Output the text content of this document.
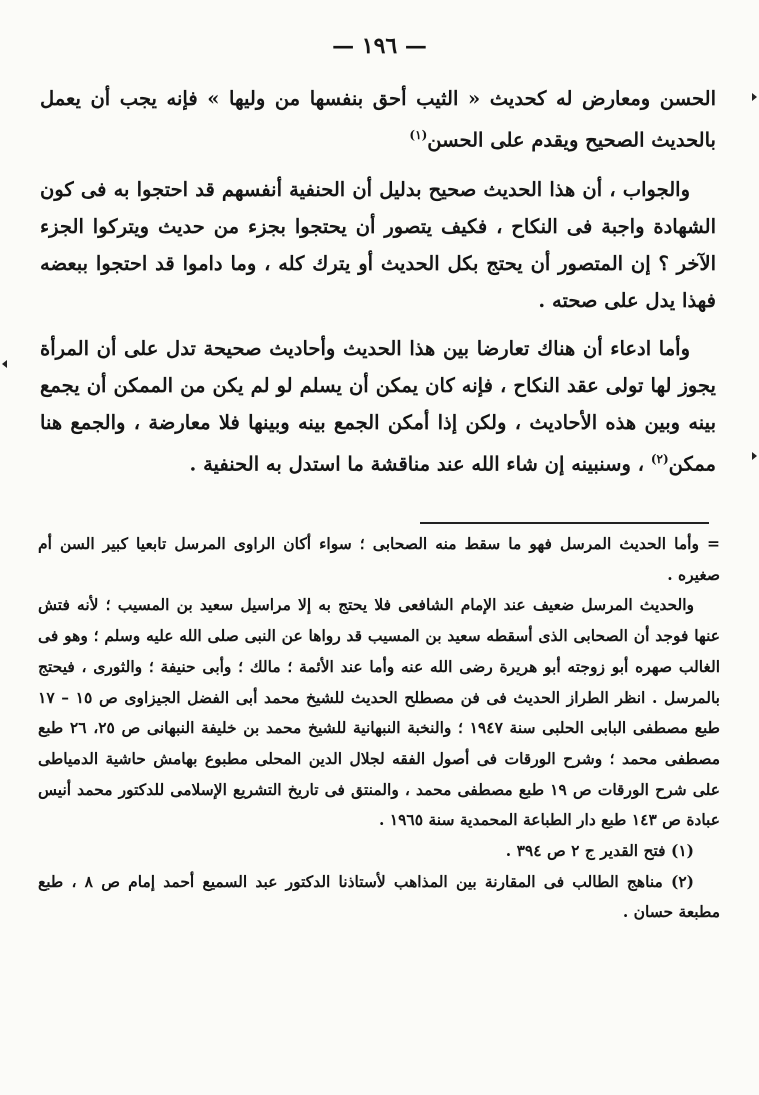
— ١٩٦ —
الحسن ومعارض له كحديث « الثيب أحق بنفسها من وليها » فإنه يجب أن يعمل بالحديث الصحيح ويقدم على الحسن$^{(١)}$
والجواب ، أن هذا الحديث صحيح بدليل أن الحنفية أنفسهم قد احتجوا به فى كون الشهادة واجبة فى النكاح ، فكيف يتصور أن يحتجوا بجزء من حديث ويتركوا الجزء الآخر ؟ إن المتصور أن يحتج بكل الحديث أو يترك كله ، وما داموا قد احتجوا ببعضه فهذا يدل على صحته .
وأما ادعاء أن هناك تعارضا بين هذا الحديث وأحاديث صحيحة تدل على أن المرأة يجوز لها تولى عقد النكاح ، فإنه كان يمكن أن يسلم لو لم يكن من الممكن أن يجمع بينه وبين هذه الأحاديث ، ولكن إذا أمكن الجمع بينه وبينها فلا معارضة ، والجمع هنا ممكن$^{(٢)}$ ، وسنبينه إن شاء الله عند مناقشة ما استدل به الحنفية .

= وأما الحديث المرسل فهو ما سقط منه الصحابى ؛ سواء أكان الراوى المرسل تابعيا كبير السن أم صغيره .

والحديث المرسل ضعيف عند الإمام الشافعى فلا يحتج به إلا مراسيل سعيد بن المسيب ؛ لأنه فتش عنها فوجد أن الصحابى الذى أسقطه سعيد بن المسيب قد رواها عن النبى صلى الله عليه وسلم ؛ وهو فى الغالب صهره أبو زوجته أبو هريرة رضى الله عنه وأما عند الأئمة ؛ مالك ؛ وأبى حنيفة ؛ والثورى ، فيحتج بالمرسل . انظر الطراز الحديث فى فن مصطلح الحديث للشيخ محمد أبى الفضل الجيزاوى ص ١٥ – ١٧ طبع مصطفى البابى الحلبى سنة ١٩٤٧ ؛ والنخبة النبهانية للشيخ محمد بن خليفة النبهانى ص ٢٥، ٢٦ طبع مصطفى محمد ؛ وشرح الورقات فى أصول الفقه لجلال الدين المحلى مطبوع بهامش حاشية الدمياطى على شرح الورقات ص ١٩ طبع مصطفى محمد ، والمنتق فى تاريخ التشريع الإسلامى للدكتور محمد أنيس عبادة ص ١٤٣ طبع دار الطباعة المحمدية سنة ١٩٦٥ .

(١) فتح القدير ج ٢ ص ٣٩٤ .

(٢) مناهج الطالب فى المقارنة بين المذاهب لأستاذنا الدكتور عبد السميع أحمد إمام ص ٨ ، طبع مطبعة حسان .
